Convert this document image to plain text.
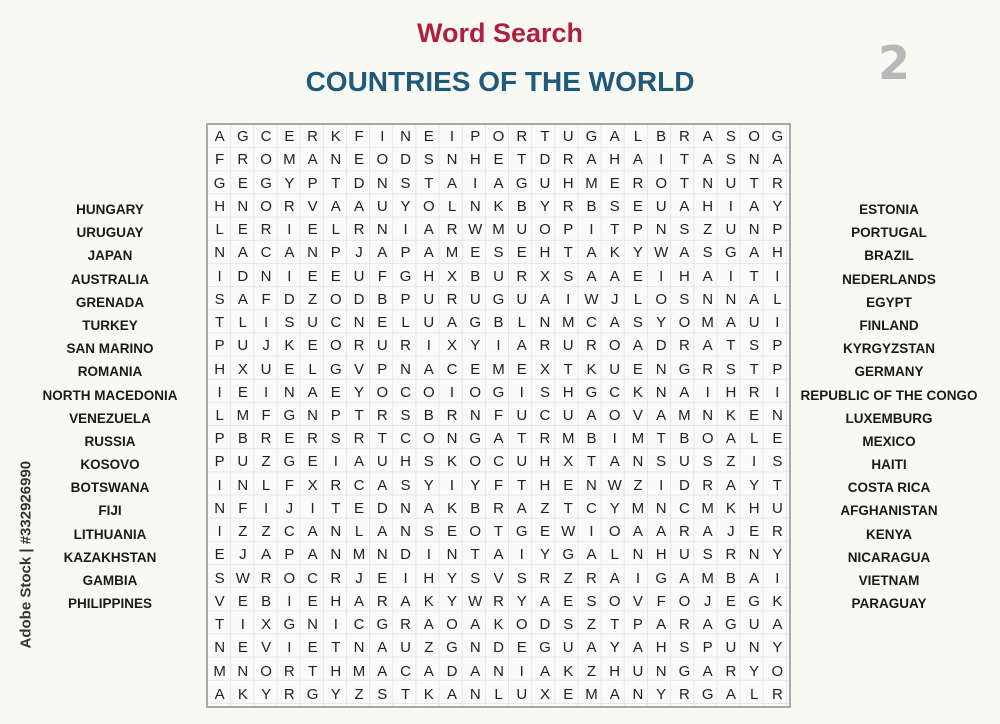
Word Search
COUNTRIES OF THE WORLD	2
A G C E R K F	I	N E	I	P O R T U G A L B R A S O G
F R O M A N E O D S N H E T D R A H A	I	T A S N A
G E G Y P T D N S T A	I	A G U H M E R O T N U T R
H N O R V A A U Y O L N K B Y R B S E U A H	I	A Y
L E R	I	E L R N	I	A R W M U O P	I	T P N S Z U N P
N A C A N P J A P A M E S E H T A K Y W A S G A H
I	D N	I	E E U F G H X B U R X S A A E	I	H A	I	T	I
S A F D Z O D B P U R U G U A	I W J	L O S N N A L
T L	I	S U C N E L U A G B L N M C A S Y O M A U	I
P U J K E O R U R	I	X Y	I	A R U R O A D R A T S P
H X U E L G V P N A C E M E X T K U E N G R S T P
I	E	I	N A E Y O C O	I	O G	I	S H G C K N A	I	H R	I
L M F G N P T R S B R N F U C U A O V A M N K E N
P B R E R S R T C O N G A T R M B	I M T B O A L E
P U Z G E	I	A U H S K O C U H X T A N S U S Z	I	S
I	N L F X R C A S Y	I	Y F T H E N W Z	I	D R A Y T
N F	I	J	I	T E D N A K B R A Z T C Y M N C M K H U
I	Z Z C A N L A N S E O T G E W I	O A A R A J E R
E J A P A N M N D	I	N T A	I	Y G A L N H U S R N Y
S W R O C R J E	I	H Y S V S R Z R A	I	G A M B A	I
V E B	I	E H A R A K Y W R Y A E S O V F O J E G K
T	I	X G N	I	C G R A O A K O D S Z T P A R A G U A
N E V	I	E T N A U Z G N D E G U A Y A H S P U N Y
M N O R T H M A C A D A N	I	A K Z H U N G A R Y O
A K Y R G Y Z S T K A N L U X E M A N Y R G A L R
HUNGARY
URUGUAY
JAPAN
AUSTRALIA
GRENADA
TURKEY
SAN MARINO
ROMANIA
NORTH MACEDONIA
VENEZUELA
RUSSIA
KOSOVO
BOTSWANA
FIJI
LITHUANIA
KAZAKHSTAN
GAMBIA
PHILIPPINES
ESTONIA
PORTUGAL
BRAZIL
NEDERLANDS
EGYPT
FINLAND
KYRGYZSTAN
GERMANY
REPUBLIC OF THE CONGO
LUXEMBURG
MEXICO
HAITI
COSTA RICA
AFGHANISTAN
KENYA
NICARAGUA
VIETNAM
PARAGUAY
Adobe Stock | #332926990
